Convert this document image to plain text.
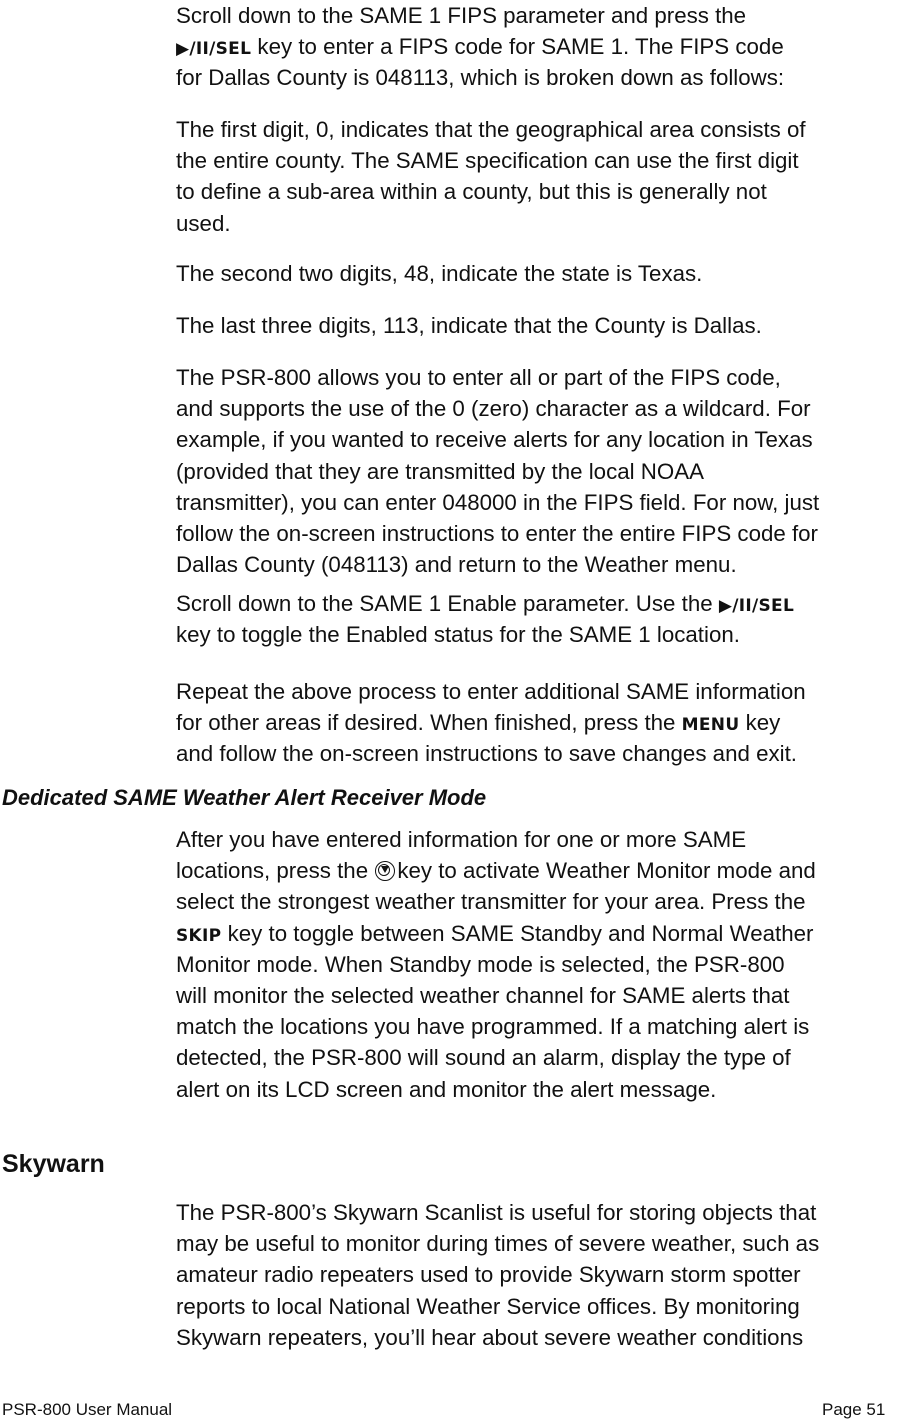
Scroll down to the SAME 1 FIPS parameter and press the
▶/II/SEL key to enter a FIPS code for SAME 1. The FIPS code
for Dallas County is 048113, which is broken down as follows:
The first digit, 0, indicates that the geographical area consists of
the entire county. The SAME specification can use the first digit
to define a sub-area within a county, but this is generally not
used.
The second two digits, 48, indicate the state is Texas.
The last three digits, 113, indicate that the County is Dallas.
The PSR-800 allows you to enter all or part of the FIPS code,
and supports the use of the 0 (zero) character as a wildcard. For
example, if you wanted to receive alerts for any location in Texas
(provided that they are transmitted by the local NOAA
transmitter), you can enter 048000 in the FIPS field. For now, just
follow the on-screen instructions to enter the entire FIPS code for
Dallas County (048113) and return to the Weather menu.
Scroll down to the SAME 1 Enable parameter. Use the ▶/II/SEL
key to toggle the Enabled status for the SAME 1 location.
Repeat the above process to enter additional SAME information
for other areas if desired. When finished, press the MENU key
and follow the on-screen instructions to save changes and exit.
Dedicated SAME Weather Alert Receiver Mode
After you have entered information for one or more SAME
locations, press the key to activate Weather Monitor mode and
select the strongest weather transmitter for your area. Press the
SKIP key to toggle between SAME Standby and Normal Weather
Monitor mode. When Standby mode is selected, the PSR-800
will monitor the selected weather channel for SAME alerts that
match the locations you have programmed. If a matching alert is
detected, the PSR-800 will sound an alarm, display the type of
alert on its LCD screen and monitor the alert message.
Skywarn
The PSR-800’s Skywarn Scanlist is useful for storing objects that
may be useful to monitor during times of severe weather, such as
amateur radio repeaters used to provide Skywarn storm spotter
reports to local National Weather Service offices. By monitoring
Skywarn repeaters, you’ll hear about severe weather conditions
PSR-800 User Manual	Page 51
